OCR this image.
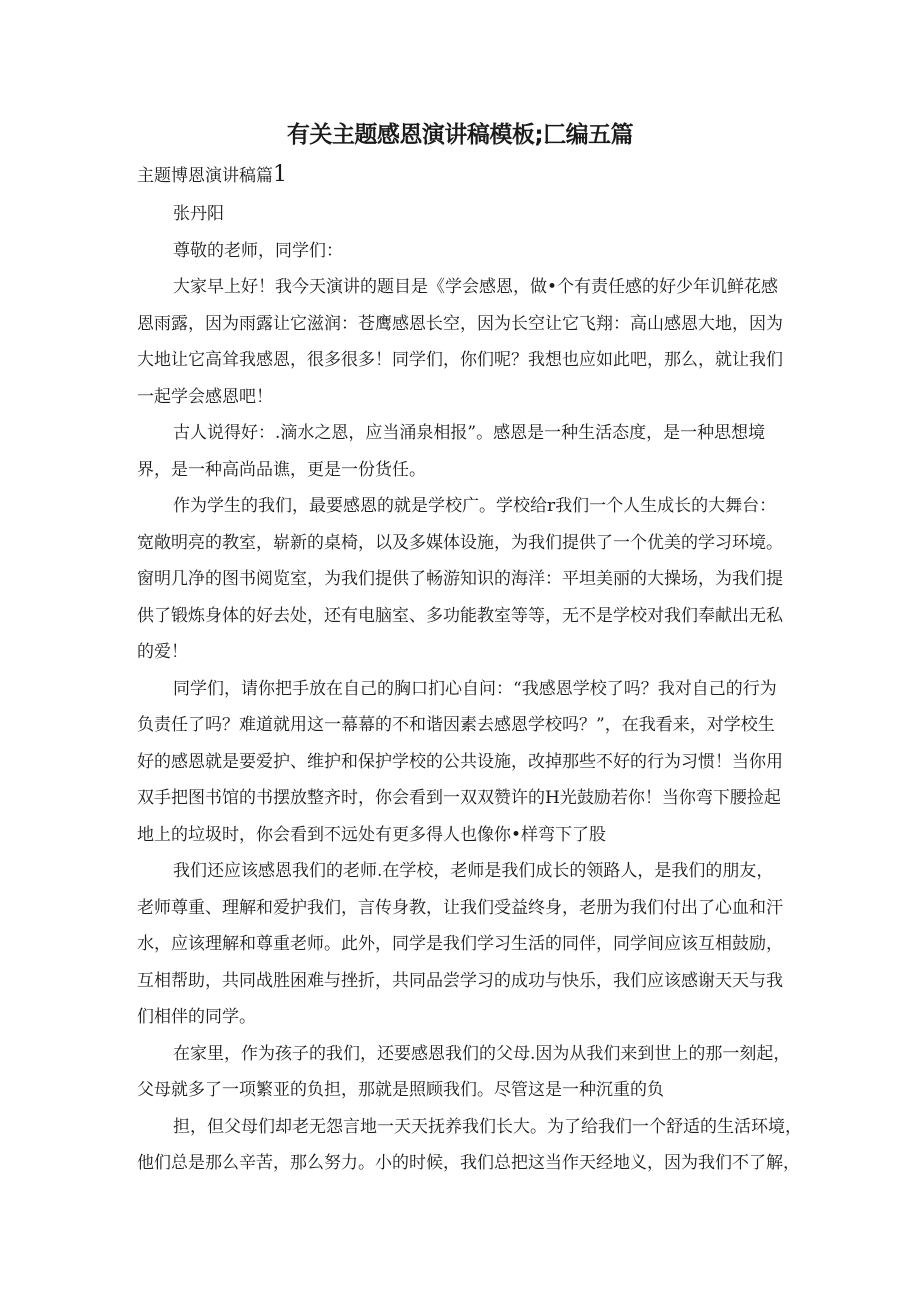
有关主题感恩演讲稿模板;匚编五篇

主题博恩演讲稿篇1

张丹阳

尊敬的老师，同学们：

大家早上好！我今天演讲的题目是《学会感恩，做•个有责任感的好少年讥鲜花感

恩雨露，因为雨露让它滋润：苍鹰感恩长空，因为长空让它飞翔：高山感恩大地，因为

大地让它高耸我感恩，很多很多！同学们，你们呢？我想也应如此吧，那么，就让我们

一起学会感恩吧！

古人说得好：.滴水之恩，应当涌泉相报”。感恩是一种生活态度，是一种思想境

界，是一种高尚品谯，更是一份货任。

作为学生的我们，最要感恩的就是学校广。学校给r我们一个人生成长的大舞台：

宽敞明亮的教室，崭新的桌椅，以及多媒体设施，为我们提供了一个优美的学习环境。

窗明几净的图书阅览室，为我们提供了畅游知识的海洋：平坦美丽的大操场，为我们提

供了锻炼身体的好去处，还有电脑室、多功能教室等等，无不是学校对我们奉献出无私

的爱！

同学们，请你把手放在自己的胸口扪心自问：“我感恩学校了吗？我对自己的行为

负责任了吗？难道就用这一幕幕的不和谐因素去感恩学校吗？”，在我看来，对学校生

好的感恩就是要爱护、维护和保护学校的公共设施，改掉那些不好的行为习惯！当你用

双手把图书馆的书摆放整齐时，你会看到一双双赞许的H光鼓励若你！当你弯下腰捡起

地上的垃圾时，你会看到不远处有更多得人也像你•样弯下了股

我们还应该感恩我们的老师.在学校，老师是我们成长的领路人，是我们的朋友，

老师尊重、理解和爱护我们，言传身教，让我们受益终身，老册为我们付出了心血和汗

水，应该理解和尊重老师。此外，同学是我们学习生活的同伴，同学间应该互相鼓励，

互相帮助，共同战胜困难与挫折，共同品尝学习的成功与快乐，我们应该感谢天天与我

们相伴的同学。

在家里，作为孩子的我们，还要感恩我们的父母.因为从我们来到世上的那一刻起，

父母就多了一项繁亚的负担，那就是照顾我们。尽管这是一种沉重的负

担，但父母们却老无怨言地一天天抚养我们长大。为了给我们一个舒适的生活环境，

他们总是那么辛苦，那么努力。小的时候，我们总把这当作天经地义，因为我们不了解，
